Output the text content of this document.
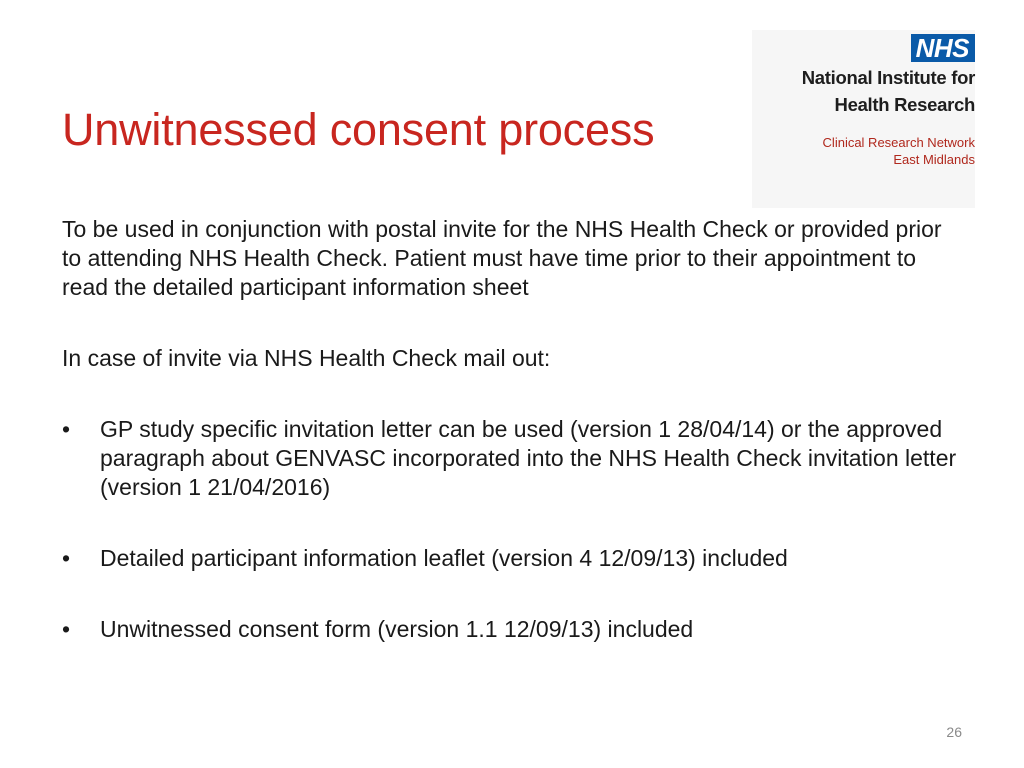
Unwitnessed consent process
NHS
National Institute for
Health Research
Clinical Research Network
East Midlands

To be used in conjunction with postal invite for the NHS Health Check or provided prior to attending NHS Health Check. Patient must have time prior to their appointment to read the detailed participant information sheet

In case of invite via NHS Health Check mail out:

• GP study specific invitation letter can be used (version 1 28/04/14) or the approved paragraph about GENVASC incorporated into the NHS Health Check invitation letter (version 1 21/04/2016)
• Detailed participant information leaflet (version 4 12/09/13) included
• Unwitnessed consent form (version 1.1 12/09/13) included
26
